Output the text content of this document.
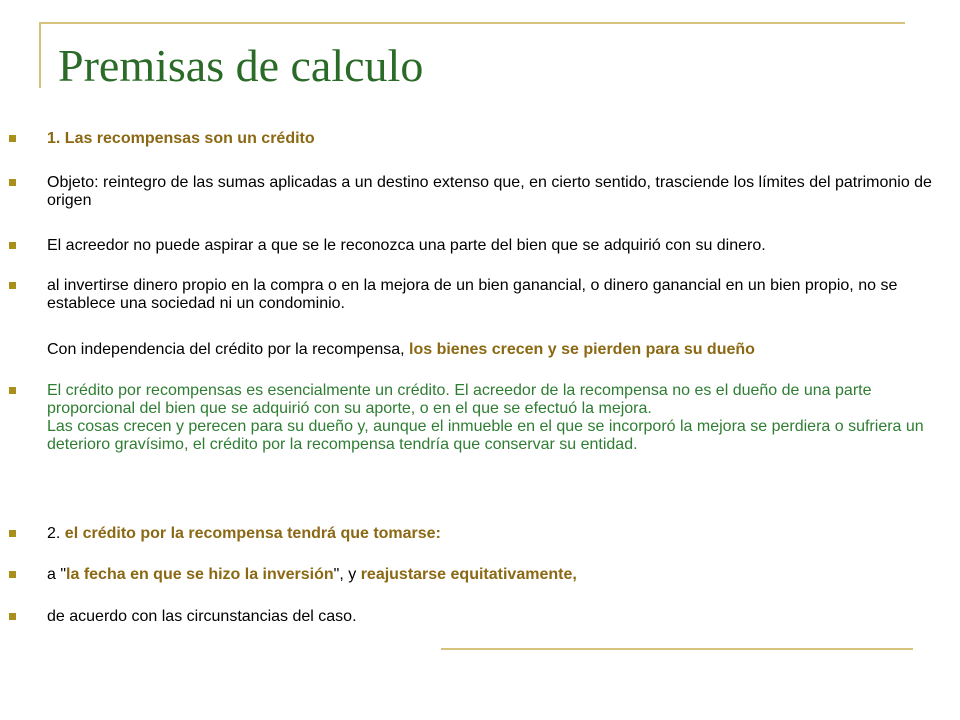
Premisas de calculo
1. Las recompensas son un crédito
Objeto: reintegro de las sumas aplicadas a un destino extenso que, en cierto sentido, trasciende los límites del patrimonio de origen
El acreedor no puede aspirar a que se le reconozca una parte del bien que se adquirió con su dinero.
al invertirse dinero propio en la compra o en la mejora de un bien ganancial, o dinero ganancial en un bien propio, no se establece una sociedad ni un condominio.
Con independencia del crédito por la recompensa, los bienes crecen y se pierden para su dueño
El crédito por recompensas es esencialmente un crédito. El acreedor de la recompensa no es el dueño de una parte proporcional del bien que se adquirió con su aporte, o en el que se efectuó la mejora.
Las cosas crecen y perecen para su dueño y, aunque el inmueble en el que se incorporó la mejora se perdiera o sufriera un deterioro gravísimo, el crédito por la recompensa tendría que conservar su entidad.
2. el crédito por la recompensa tendrá que tomarse:
a "la fecha en que se hizo la inversión", y reajustarse equitativamente,
de acuerdo con las circunstancias del caso.
